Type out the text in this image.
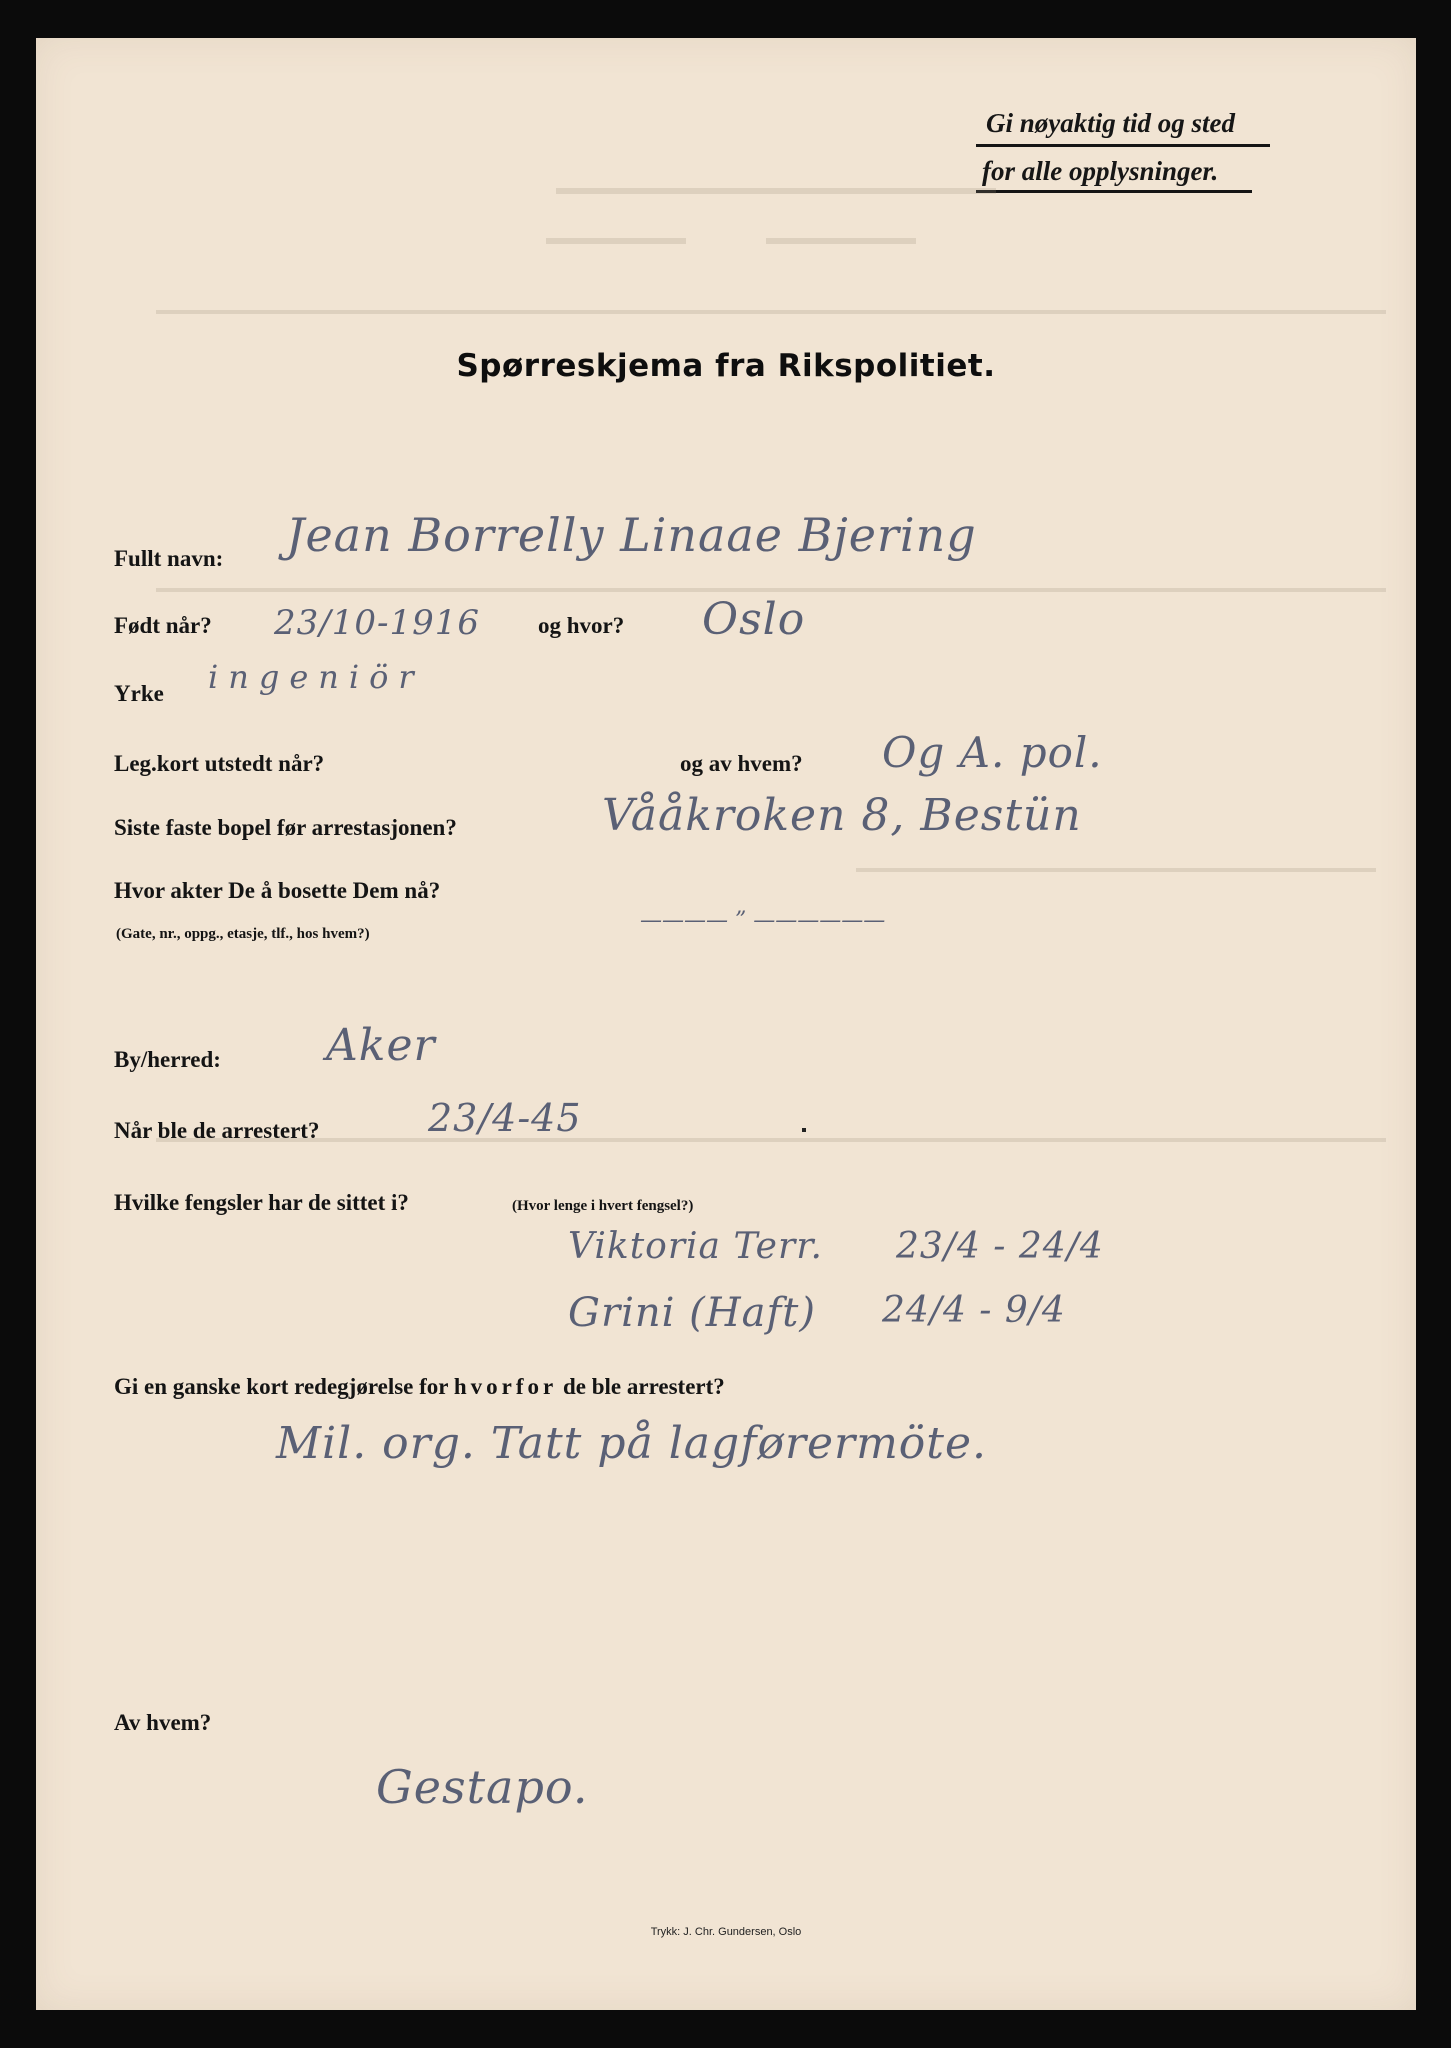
Gi nøyaktig tid og sted
for alle opplysninger.
Spørreskjema fra Rikspolitiet.
Fullt navn: Jean Borrelly Linaae Bjering
Født når? 23/10-1916	og hvor? Oslo
Yrke ingeniör
Leg.kort utstedt når?	og av hvem? Og A. pol.
Siste faste bopel før arrestasjonen?	Vååkroken 8, Bestün
Hvor akter De å bosette Dem nå?
(Gate, nr., oppg., etasje, tlf., hos hvem?)
———— ” ——————
By/herred: Aker
Når ble de arrestert?	23/4-45
Hvilke fengsler har de sittet i?	(Hvor lenge i hvert fengsel?)
Viktoria Terr. 23/4 - 24/4
Grini (Haft) 24/4 - 9/4
Gi en ganske kort redegjørelse for hvorfor de ble arrestert?
Mil. org. Tatt på lagførermöte.
Av hvem?
Gestapo.
Trykk: J. Chr. Gundersen, Oslo
